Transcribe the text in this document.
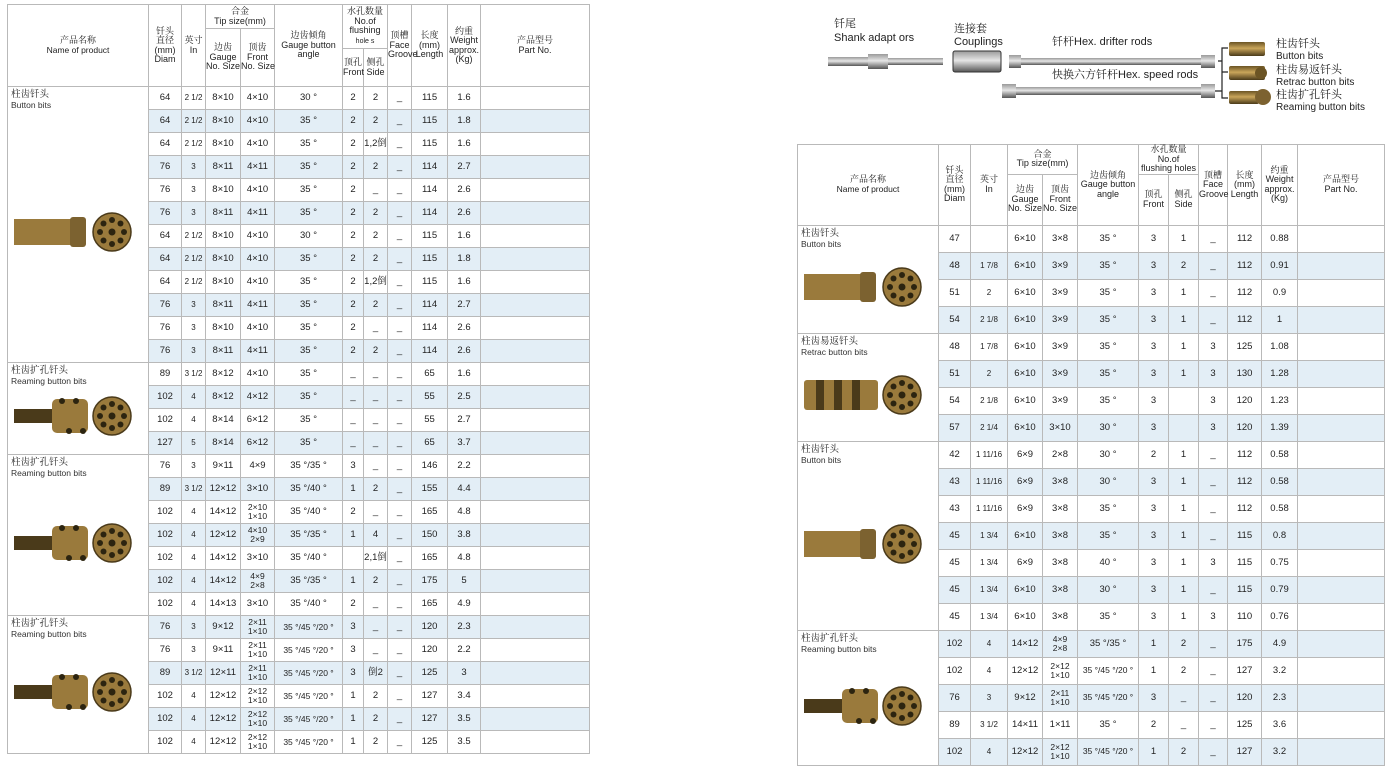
产品名称
Name of product	钎头
直径
(mm)
Diam	英寸
In	合金
Tip size(mm)		边齿倾角
Gauge button
angle	水孔数量
No.of
flushing
hole s		顶槽
Face
Groove	长度
(mm)
Length	约重
Weight
approx.
(Kg)	产品型号
Part No.
			边齿
Gauge
No. Size	顶齿
Front
No. Size							
						顶孔
Front	侧孔
Side				

柱齿钎头
Button bits	64	2 1/2	8×10	4×10	30 °	2	2	_	115	1.6	
	64	2 1/2	8×10	4×10	35 °	2	2	_	115	1.8	
	64	2 1/2	8×10	4×10	35 °	2	1,2倒	_	115	1.6	
	76	3	8×11	4×11	35 °	2	2	_	114	2.7	
	76	3	8×10	4×10	35 °	2	_	_	114	2.6	
	76	3	8×11	4×11	35 °	2	2	_	114	2.6	
	64	2 1/2	8×10	4×10	30 °	2	2	_	115	1.6	
	64	2 1/2	8×10	4×10	35 °	2	2	_	115	1.8	
	64	2 1/2	8×10	4×10	35 °	2	1,2倒	_	115	1.6	
	76	3	8×11	4×11	35 °	2	2	_	114	2.7	
	76	3	8×10	4×10	35 °	2	_	_	114	2.6	
	76	3	8×11	4×11	35 °	2	2	_	114	2.6	

柱齿扩孔钎头
Reaming button bits	89	3 1/2	8×12	4×10	35 °	_	_	_	65	1.6	
	102	4	8×12	4×12	35 °	_	_	_	55	2.5	
	102	4	8×14	6×12	35 °	_	_	_	55	2.7	
	127	5	8×14	6×12	35 °	_	_	_	65	3.7	

柱齿扩孔钎头
Reaming button bits	76	3	9×11	4×9	35 °/35 °	3	_	_	146	2.2	
	89	3 1/2	12×12	3×10	35 °/40 °	1	2	_	155	4.4	
	102	4	14×12	2×10
1×10	35 °/40 °	2	_	_	165	4.8	
	102	4	12×12	4×10
2×9	35 °/35 °	1	4	_	150	3.8	
	102	4	14×12	3×10	35 °/40 °		2,1倒	_	165	4.8	
	102	4	14×12	4×9
2×8	35 °/35 °	1	2	_	175	5	
	102	4	14×13	3×10	35 °/40 °	2	_	_	165	4.9	

柱齿扩孔钎头
Reaming button bits	76	3	9×12	2×11
1×10	35 °/45 °/20 °	3	_	_	120	2.3	
	76	3	9×11	2×11
1×10	35 °/45 °/20 °	3	_	_	120	2.2	
	89	3 1/2	12×11	2×11
1×10	35 °/45 °/20 °	3	倒2	_	125	3	
	102	4	12×12	2×12
1×10	35 °/45 °/20 °	1	2	_	127	3.4	
	102	4	12×12	2×12
1×10	35 °/45 °/20 °	1	2	_	127	3.5	
	102	4	12×12	2×12
1×10	35 °/45 °/20 °	1	2	_	125	3.5	
钎尾
Shank adapt ors
连接套
Couplings	钎杆Hex. drifter rods
快换六方钎杆Hex. speed rods
柱齿钎头
Button bits
柱齿易返钎头
Retrac button bits
柱齿扩孔钎头
Reaming button bits
产品名称
Name of product	钎头
直径
(mm)
Diam	英寸
In	合金
Tip size(mm)		边齿倾角
Gauge button
angle	水孔数量
No.of
flushing holes		顶槽
Face
Groove	长度
(mm)
Length	约重
Weight
approx.
(Kg)	产品型号
Part No.
			边齿
Gauge
No. Size	顶齿
Front
No. Size		顶孔
Front	侧孔
Side				

柱齿钎头
Button bits	47		6×10	3×8	35 °	3	1	_	112	0.88	
	48	1 7/8	6×10	3×9	35 °	3	2	_	112	0.91	
	51	2	6×10	3×9	35 °	3	1	_	112	0.9	
	54	2 1/8	6×10	3×9	35 °	3	1	_	112	1	

柱齿易返钎头
Retrac button bits	48	1 7/8	6×10	3×9	35 °	3	1	3	125	1.08	
	51	2	6×10	3×9	35 °	3	1	3	130	1.28	
	54	2 1/8	6×10	3×9	35 °	3		3	120	1.23	
	57	2 1/4	6×10	3×10	30 °	3		3	120	1.39	

柱齿钎头
Button bits	42	1 11/16	6×9	2×8	30 °	2	1	_	112	0.58	
	43	1 11/16	6×9	3×8	30 °	3	1	_	112	0.58	
	43	1 11/16	6×9	3×8	35 °	3	1	_	112	0.58	
	45	1 3/4	6×10	3×8	35 °	3	1	_	115	0.8	
	45	1 3/4	6×9	3×8	40 °	3	1	3	115	0.75	
	45	1 3/4	6×10	3×8	30 °	3	1	_	115	0.79	
	45	1 3/4	6×10	3×8	35 °	3	1	3	110	0.76	

柱齿扩孔钎头
Reaming button bits	102	4	14×12	4×9
2×8	35 °/35 °	1	2	_	175	4.9	
	102	4	12×12	2×12
1×10	35 °/45 °/20 °	1	2	_	127	3.2	
	76	3	9×12	2×11
1×10	35 °/45 °/20 °	3	_	_	120	2.3	
	89	3 1/2	14×11	1×11	35 °	2	_	_	125	3.6	
	102	4	12×12	2×12
1×10	35 °/45 °/20 °	1	2	_	127	3.2	
